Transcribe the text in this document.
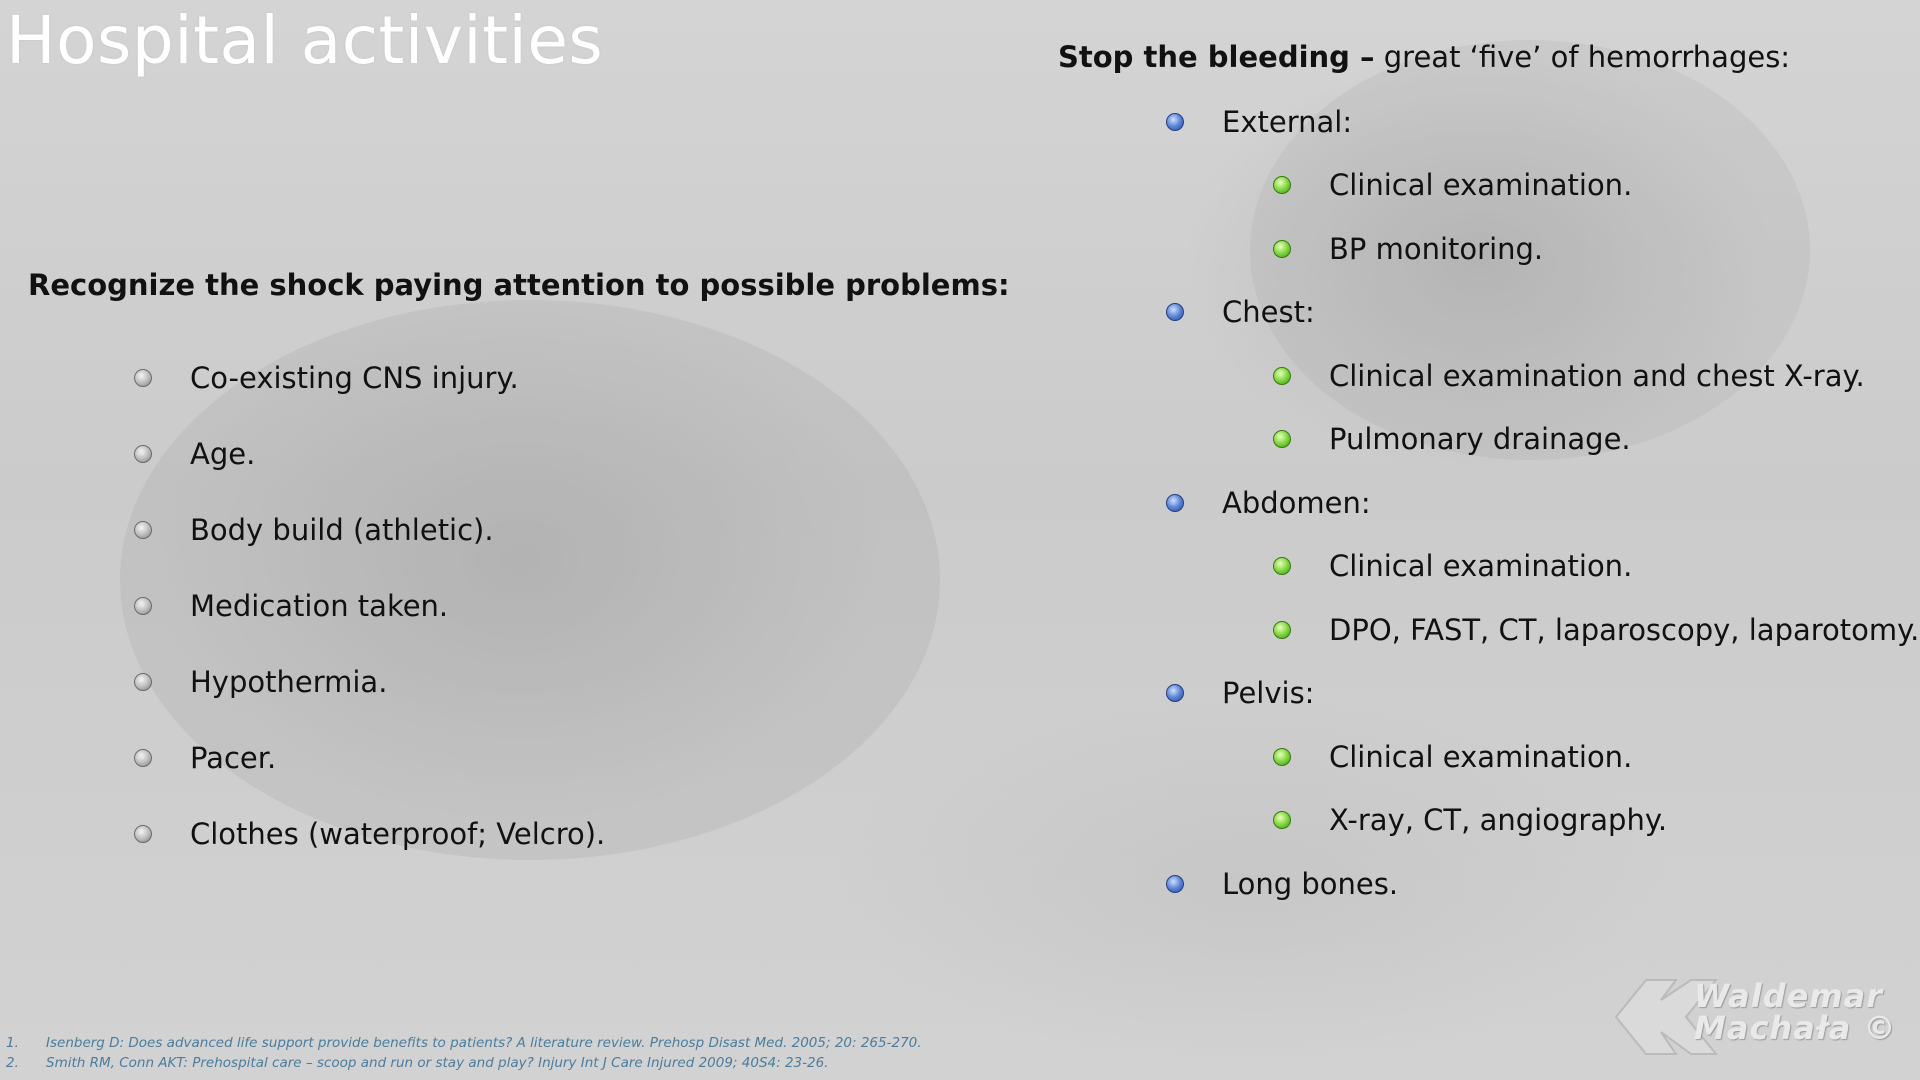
Hospital activities
Recognize the shock paying attention to possible problems:
Co-existing CNS injury.
Age.
Body build (athletic).
Medication taken.
Hypothermia.
Pacer.
Clothes (waterproof; Velcro).
Stop the bleeding – great ‘five’ of hemorrhages:
External:
Clinical examination.
BP monitoring.
Chest:
Clinical examination and chest X-ray.
Pulmonary drainage.
Abdomen:
Clinical examination.
DPO, FAST, CT, laparoscopy, laparotomy.
Pelvis:
Clinical examination.
X-ray, CT, angiography.
Long bones.
1.	Isenberg D: Does advanced life support provide benefits to patients? A literature review. Prehosp Disast Med. 2005; 20: 265-270.
2.	Smith RM, Conn AKT: Prehospital care – scoop and run or stay and play? Injury Int J Care Injured 2009; 40S4: 23-26.
Waldemar
Machała ©
